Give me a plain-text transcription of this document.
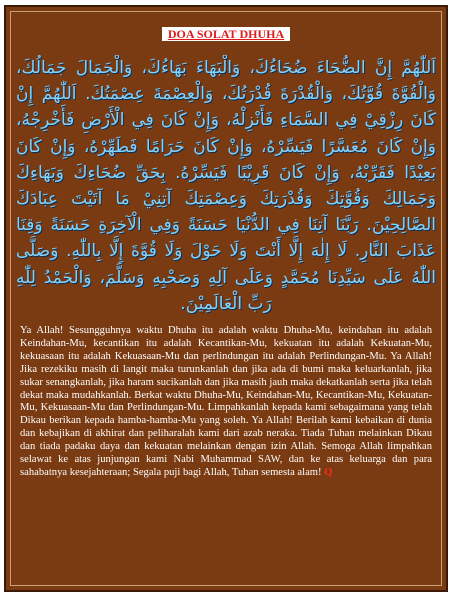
DOA SOLAT DHUHA
اَللّٰهُمَّ إِنَّ الضُّحَاءَ ضُحَاءُكَ، وَالْبَهَاءَ بَهَاءُكَ، وَالْجَمَالَ جَمَالُكَ، وَالْقُوَّةَ قُوَّتُكَ، وَالْقُدْرَةَ قُدْرَتُكَ، وَالْعِصْمَةَ عِصْمَتُكَ. اَللّٰهُمَّ إِنْ كَانَ رِزْقِيْ فِي السَّمَاءِ فَأَنْزِلْهُ، وَإِنْ كَانَ فِي الْأَرْضِ فَأَخْرِجْهُ، وَإِنْ كَانَ مُعَسَّرًا فَيَسِّرْهُ، وَإِنْ كَانَ حَرَامًا فَطَهِّرْهُ، وَإِنْ كَانَ بَعِيْدًا فَقَرِّبْهُ، وَإِنْ كَانَ قَرِيْبًا فَيَسِّرْهُ. بِحَقِّ ضُحَاءِكَ وَبَهَاءِكَ وَجَمَالِكَ وَقُوَّتِكَ وَقُدْرَتِكَ وَعِصْمَتِكَ آتِنِيْ مَا آتَيْتَ عِبَادَكَ الصَّالِحِيْنَ. رَبَّنَا آتِنَا فِي الدُّنْيَا حَسَنَةً وَفِي الْآخِرَةِ حَسَنَةً وَقِنَا عَذَابَ النَّارِ. لَا إِلٰهَ إِلَّا أَنْتَ وَلَا حَوْلَ وَلَا قُوَّةَ إِلَّا بِاللّٰهِ. وَصَلَّى اللّٰهُ عَلَى سَيِّدِنَا مُحَمَّدٍ وَعَلَى آلِهِ وَصَحْبِهِ وَسَلَّمَ، وَالْحَمْدُ لِلّٰهِ رَبِّ الْعَالَمِيْنَ.

Ya Allah! Sesungguhnya waktu Dhuha itu adalah waktu Dhuha-Mu, keindahan itu adalah Keindahan-Mu, kecantikan itu adalah Kecantikan-Mu, kekuatan itu adalah Kekuatan-Mu, kekuasaan itu adalah Kekuasaan-Mu dan perlindungan itu adalah Perlindungan-Mu. Ya Allah! Jika rezekiku masih di langit maka turunkanlah dan jika ada di bumi maka keluarkanlah, jika sukar senangkanlah, jika haram sucikanlah dan jika masih jauh maka dekatkanlah serta jika telah dekat maka mudahkanlah. Berkat waktu Dhuha-Mu, Keindahan-Mu, Kecantikan-Mu, Kekuatan-Mu, Kekuasaan-Mu dan Perlindungan-Mu. Limpahkanlah kepada kami sebagaimana yang telah Dikau berikan kepada hamba-hamba-Mu yang soleh. Ya Allah! Berilah kami kebaikan di dunia dan kebajikan di akhirat dan peliharalah kami dari azab neraka. Tiada Tuhan melainkan Dikau dan tiada padaku daya dan kekuatan melainkan dengan izin Allah. Semoga Allah limpahkan selawat ke atas junjungan kami Nabi Muhammad SAW, dan ke atas keluarga dan para sahabatnya kesejahteraan; Segala puji bagi Allah, Tuhan semesta alam! Q
